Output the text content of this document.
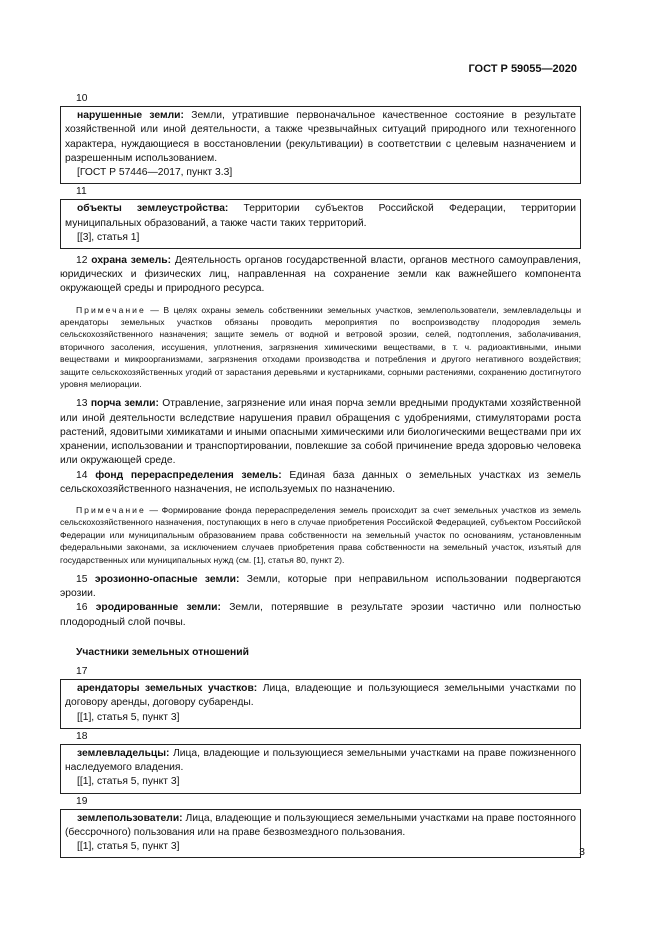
ГОСТ Р 59055—2020
10

нарушенные земли: Земли, утратившие первоначальное качественное состояние в результате хозяйственной или иной деятельности, а также чрезвычайных ситуаций природного или техногенного характера, нуждающиеся в восстановлении (рекультивации) в соответствии с целевым назначением и разрешенным использованием.

[ГОСТ Р 57446—2017, пункт 3.3]

11

объекты землеустройства: Территории субъектов Российской Федерации, территории муниципальных образований, а также части таких территорий.

[[3], статья 1]

12 охрана земель: Деятельность органов государственной власти, органов местного самоуправления, юридических и физических лиц, направленная на сохранение земли как важнейшего компонента окружающей среды и природного ресурса.

Примечание — В целях охраны земель собственники земельных участков, землепользователи, землевладельцы и арендаторы земельных участков обязаны проводить мероприятия по воспроизводству плодородия земель сельскохозяйственного назначения; защите земель от водной и ветровой эрозии, селей, подтопления, заболачивания, вторичного засоления, иссушения, уплотнения, загрязнения химическими веществами, в т. ч. радиоактивными, иными веществами и микроорганизмами, загрязнения отходами производства и потребления и другого негативного воздействия; защите сельскохозяйственных угодий от зарастания деревьями и кустарниками, сорными растениями, сохранению достигнутого уровня мелиорации.

13 порча земли: Отравление, загрязнение или иная порча земли вредными продуктами хозяйственной или иной деятельности вследствие нарушения правил обращения с удобрениями, стимуляторами роста растений, ядовитыми химикатами и иными опасными химическими или биологическими веществами при их хранении, использовании и транспортировании, повлекшие за собой причинение вреда здоровью человека или окружающей среде.

14 фонд перераспределения земель: Единая база данных о земельных участках из земель сельскохозяйственного назначения, не используемых по назначению.

Примечание — Формирование фонда перераспределения земель происходит за счет земельных участков из земель сельскохозяйственного назначения, поступающих в него в случае приобретения Российской Федерацией, субъектом Российской Федерации или муниципальным образованием права собственности на земельный участок по основаниям, установленным федеральными законами, за исключением случаев приобретения права собственности на земельный участок, изъятый для государственных или муниципальных нужд (см. [1], статья 80, пункт 2).

15 эрозионно-опасные земли: Земли, которые при неправильном использовании подвергаются эрозии.

16 эродированные земли: Земли, потерявшие в результате эрозии частично или полностью плодородный слой почвы.

Участники земельных отношений
17

арендаторы земельных участков: Лица, владеющие и пользующиеся земельными участками по договору аренды, договору субаренды.

[[1], статья 5, пункт 3]

18

землевладельцы: Лица, владеющие и пользующиеся земельными участками на праве пожизненного наследуемого владения.

[[1], статья 5, пункт 3]

19

землепользователи: Лица, владеющие и пользующиеся земельными участками на праве постоянного (бессрочного) пользования или на праве безвозмездного пользования.

[[1], статья 5, пункт 3]	3
